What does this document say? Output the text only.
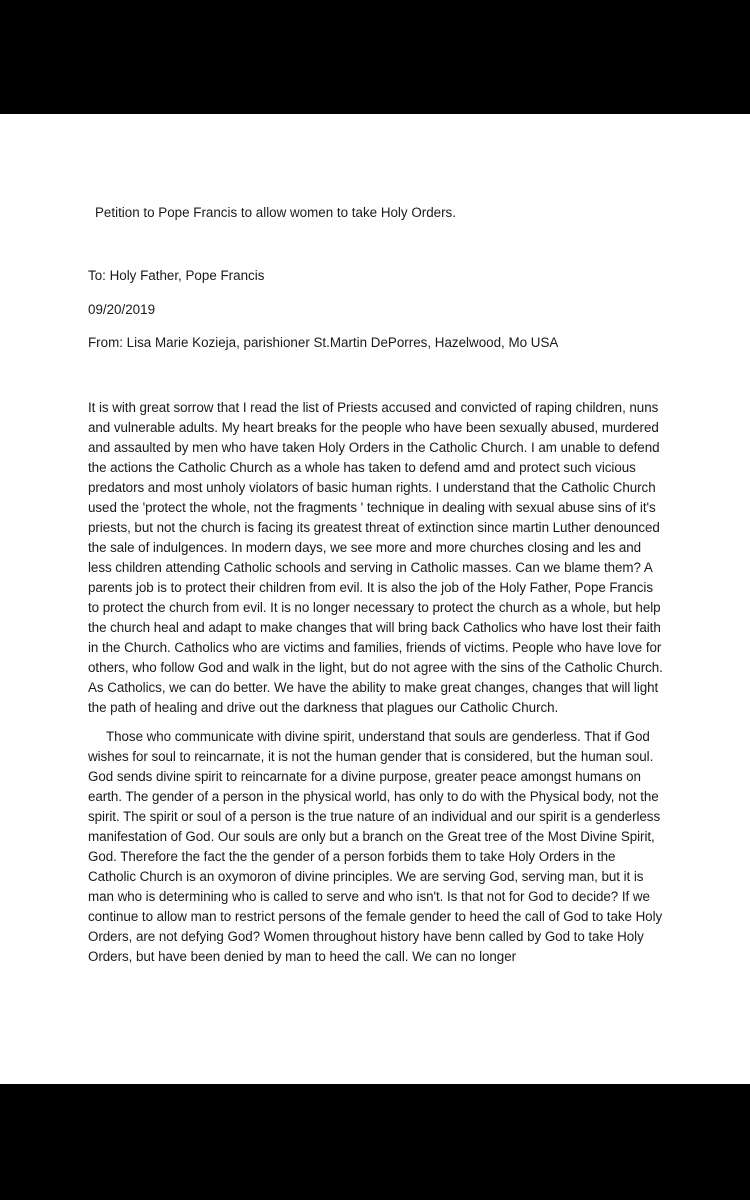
Petition to Pope Francis to allow women to take Holy Orders.

To: Holy Father, Pope Francis

09/20/2019

From: Lisa Marie Kozieja, parishioner St.Martin DePorres, Hazelwood, Mo USA

It is with great sorrow that I read the list of Priests accused and convicted of raping children, nuns and vulnerable adults. My heart breaks for the people who have been sexually abused, murdered and assaulted by men who have taken Holy Orders in the Catholic Church. I am unable to defend the actions the Catholic Church as a whole has taken to defend amd and protect such vicious predators and most unholy violators of basic human rights. I understand that the Catholic Church used the 'protect the whole, not the fragments ' technique in dealing with sexual abuse sins of it's priests, but not the church is facing its greatest threat of extinction since martin Luther denounced the sale of indulgences. In modern days, we see more and more churches closing and les and less children attending Catholic schools and serving in Catholic masses. Can we blame them? A parents job is to protect their children from evil. It is also the job of the Holy Father, Pope Francis to protect the church from evil. It is no longer necessary to protect the church as a whole, but help the church heal and adapt to make changes that will bring back Catholics who have lost their faith in the Church. Catholics who are victims and families, friends of victims. People who have love for others, who follow God and walk in the light, but do not agree with the sins of the Catholic Church. As Catholics, we can do better. We have the ability to make great changes, changes that will light the path of healing and drive out the darkness that plagues our Catholic Church.

Those who communicate with divine spirit, understand that souls are genderless. That if God wishes for soul to reincarnate, it is not the human gender that is considered, but the human soul. God sends divine spirit to reincarnate for a divine purpose, greater peace amongst humans on earth. The gender of a person in the physical world, has only to do with the Physical body, not the spirit. The spirit or soul of a person is the true nature of an individual and our spirit is a genderless manifestation of God. Our souls are only but a branch on the Great tree of the Most Divine Spirit, God. Therefore the fact the the gender of a person forbids them to take Holy Orders in the Catholic Church is an oxymoron of divine principles. We are serving God, serving man, but it is man who is determining who is called to serve and who isn't. Is that not for God to decide? If we continue to allow man to restrict persons of the female gender to heed the call of God to take Holy Orders, are not defying God? Women throughout history have benn called by God to take Holy Orders, but have been denied by man to heed the call. We can no longer
